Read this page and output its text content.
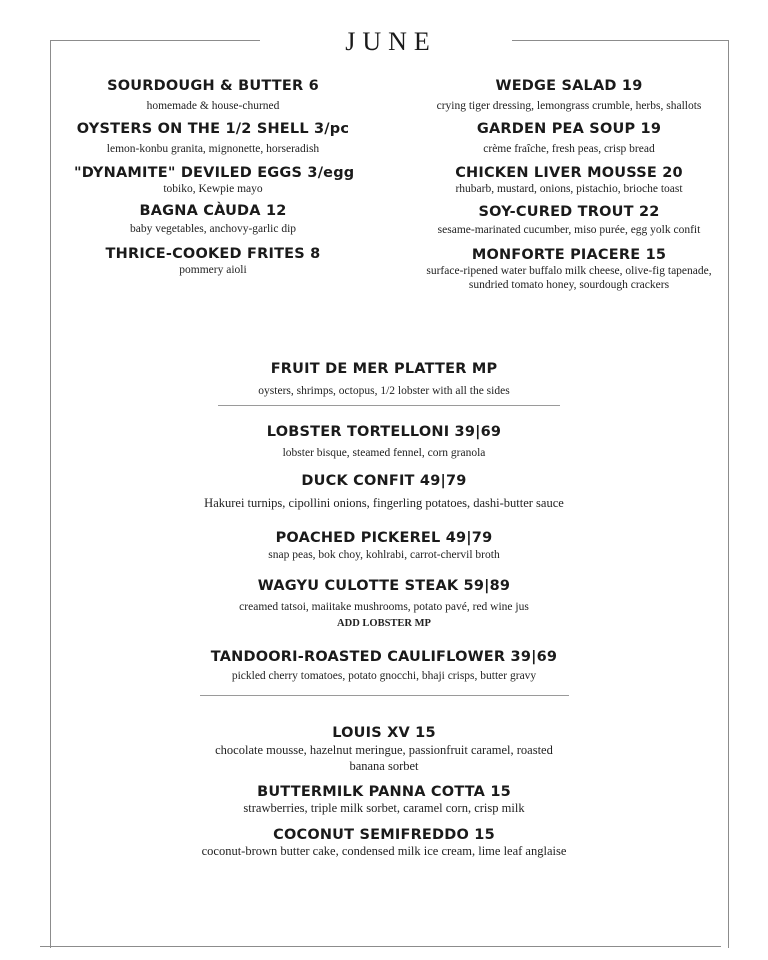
JUNE
SOURDOUGH & BUTTER 6
homemade & house-churned
OYSTERS ON THE 1/2 SHELL 3/pc
lemon-konbu granita, mignonette, horseradish
"DYNAMITE" DEVILED EGGS 3/egg
tobiko, Kewpie mayo
BAGNA CÀUDA 12
baby vegetables, anchovy-garlic dip
THRICE-COOKED FRITES 8
pommery aioli
WEDGE SALAD 19
crying tiger dressing, lemongrass crumble, herbs, shallots
GARDEN PEA SOUP 19
crème fraîche, fresh peas, crisp bread
CHICKEN LIVER MOUSSE 20
rhubarb, mustard, onions, pistachio, brioche toast
SOY-CURED TROUT 22
sesame-marinated cucumber, miso purée, egg yolk confit
MONFORTE PIACERE 15
surface-ripened water buffalo milk cheese, olive-fig tapenade, sundried tomato honey, sourdough crackers
FRUIT DE MER PLATTER MP
oysters, shrimps, octopus, 1/2 lobster with all the sides
LOBSTER TORTELLONI 39|69
lobster bisque, steamed fennel, corn granola
DUCK CONFIT 49|79
Hakurei turnips, cipollini onions, fingerling potatoes, dashi-butter sauce
POACHED PICKEREL 49|79
snap peas, bok choy, kohlrabi, carrot-chervil broth
WAGYU CULOTTE STEAK 59|89
creamed tatsoi, maiitake mushrooms, potato pavé, red wine jus
ADD LOBSTER MP
TANDOORI-ROASTED CAULIFLOWER 39|69
pickled cherry tomatoes, potato gnocchi, bhaji crisps, butter gravy
LOUIS XV 15
chocolate mousse, hazelnut meringue, passionfruit caramel, roasted banana sorbet
BUTTERMILK PANNA COTTA 15
strawberries, triple milk sorbet, caramel corn, crisp milk
COCONUT SEMIFREDDO 15
coconut-brown butter cake, condensed milk ice cream, lime leaf anglaise
